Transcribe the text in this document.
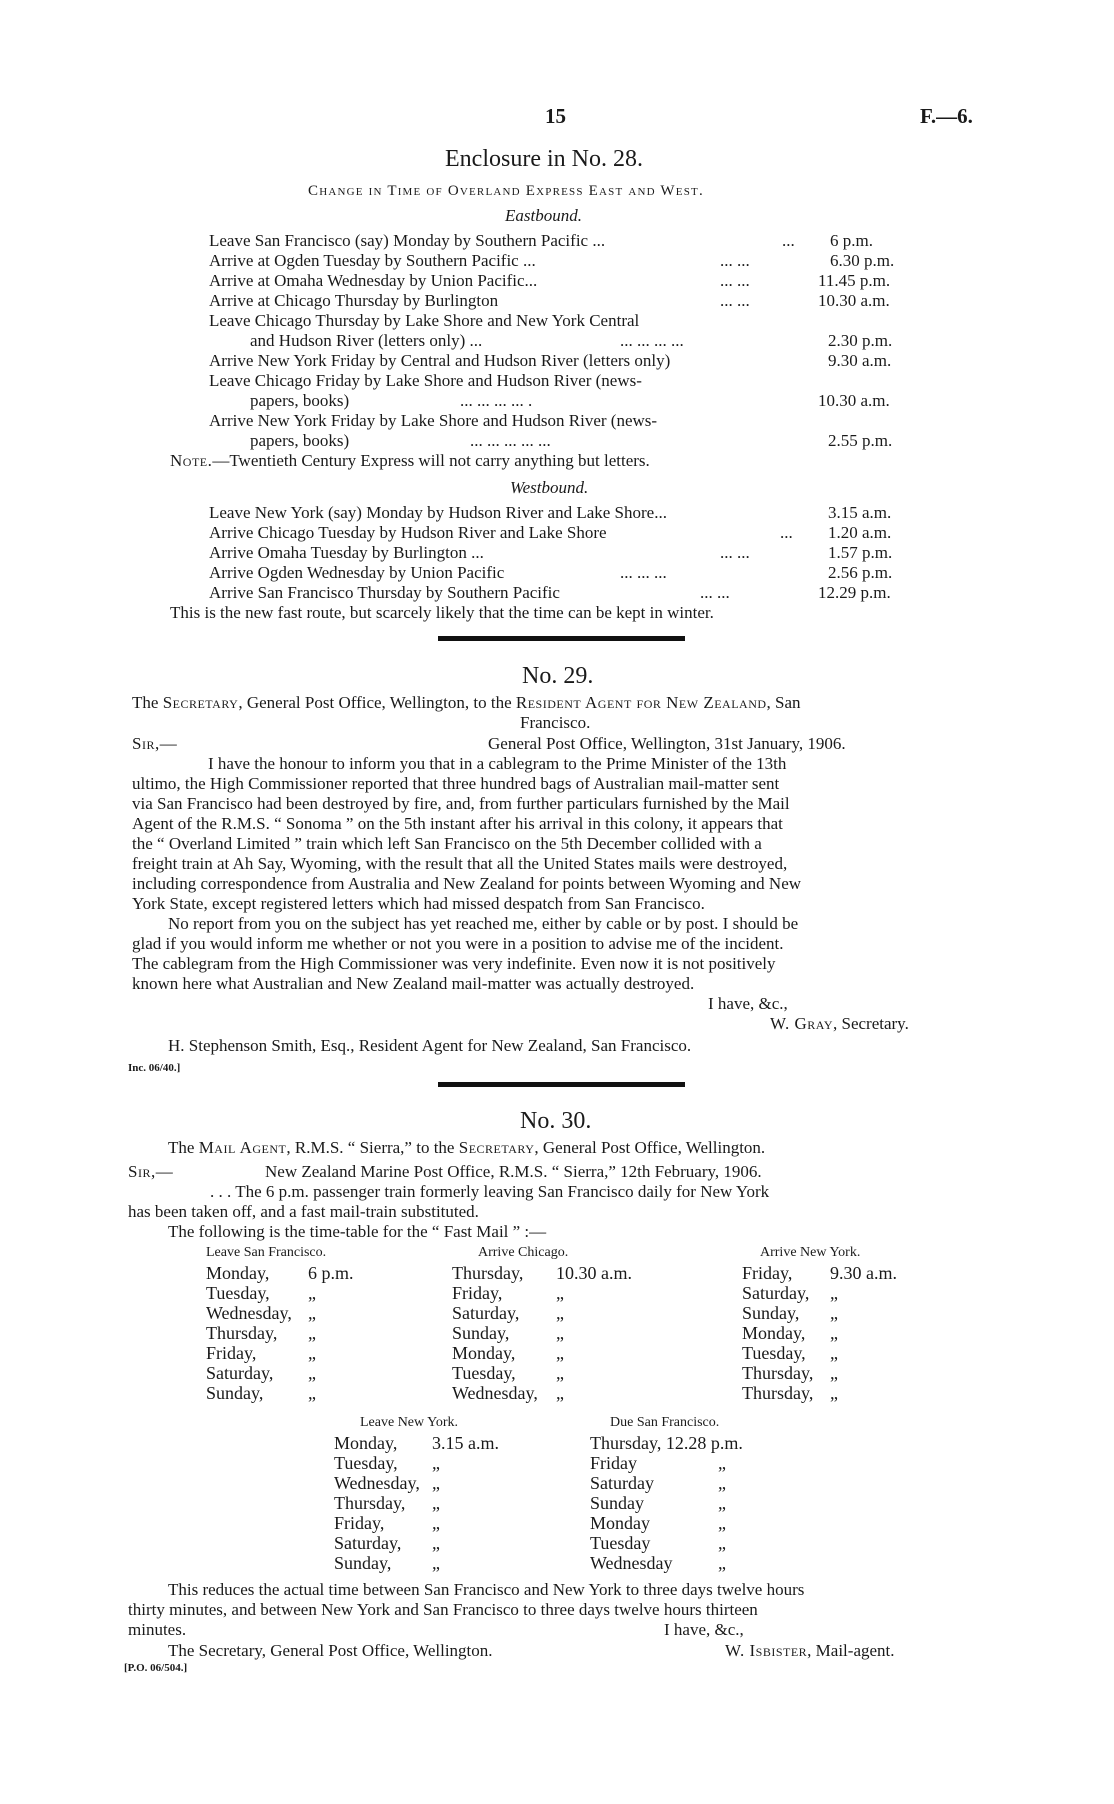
15	F.—6.
Enclosure in No. 28.
Change in Time of Overland Express East and West.
Eastbound.
Leave San Francisco (say) Monday by Southern Pacific ...	... 6 p.m.
Arrive at Ogden Tuesday by Southern Pacific ...	... ...	6.30 p.m.
Arrive at Omaha Wednesday by Union Pacific...	... ...	11.45 p.m.
Arrive at Chicago Thursday by Burlington	... ...	10.30 a.m.
Leave Chicago Thursday by Lake Shore and New York Central
and Hudson River (letters only) ...	... ... ... ...	2.30 p.m.
Arrive New York Friday by Central and Hudson River (letters only)	9.30 a.m.
Leave Chicago Friday by Lake Shore and Hudson River (news-
papers, books)	... ... ... ... .	10.30 a.m.
Arrive New York Friday by Lake Shore and Hudson River (news-
papers, books)	... ... ... ... ...	2.55 p.m.
Note.—Twentieth Century Express will not carry anything but letters.
Westbound.
Leave New York (say) Monday by Hudson River and Lake Shore...	3.15 a.m.
Arrive Chicago Tuesday by Hudson River and Lake Shore	... 1.20 a.m.
Arrive Omaha Tuesday by Burlington ...	... ...	1.57 p.m.
Arrive Ogden Wednesday by Union Pacific	... ... ...	2.56 p.m.
Arrive San Francisco Thursday by Southern Pacific	... ...	12.29 p.m.
This is the new fast route, but scarcely likely that the time can be kept in winter.
No. 29.
The Secretary, General Post Office, Wellington, to the Resident Agent for New Zealand, San
Francisco.
Sir,—	General Post Office, Wellington, 31st January, 1906.
I have the honour to inform you that in a cablegram to the Prime Minister of the 13th
ultimo, the High Commissioner reported that three hundred bags of Australian mail-matter sent
via San Francisco had been destroyed by fire, and, from further particulars furnished by the Mail
Agent of the R.M.S. “ Sonoma ” on the 5th instant after his arrival in this colony, it appears that
the “ Overland Limited ” train which left San Francisco on the 5th December collided with a
freight train at Ah Say, Wyoming, with the result that all the United States mails were destroyed,
including correspondence from Australia and New Zealand for points between Wyoming and New
York State, except registered letters which had missed despatch from San Francisco.
No report from you on the subject has yet reached me, either by cable or by post. I should be
glad if you would inform me whether or not you were in a position to advise me of the incident.
The cablegram from the High Commissioner was very indefinite. Even now it is not positively
known here what Australian and New Zealand mail-matter was actually destroyed.
I have, &c.,
W. Gray, Secretary.
H. Stephenson Smith, Esq., Resident Agent for New Zealand, San Francisco.
Inc. 06/40.]
No. 30.
The Mail Agent, R.M.S. “ Sierra,” to the Secretary, General Post Office, Wellington.
Sir,—	New Zealand Marine Post Office, R.M.S. “ Sierra,” 12th February, 1906.
. . . The 6 p.m. passenger train formerly leaving San Francisco daily for New York
has been taken off, and a fast mail-train substituted.
The following is the time-table for the “ Fast Mail ” :—
Leave San Francisco.	Arrive Chicago.	Arrive New York.
Monday, 6 p.m.	Thursday, 10.30 a.m.	Friday, 9.30 a.m.
Tuesday, „	Friday,	„	Saturday, „
Wednesday, „	Saturday, „	Sunday, „
Thursday, „	Sunday,	„	Monday, „
Friday,	„	Monday, „	Tuesday, „
Saturday, „	Tuesday, „	Thursday, „
Sunday, „	Wednesday, „	Thursday, „
Leave New York.	Due San Francisco.
Monday, 3.15 a.m.	Thursday, 12.28 p.m.
Tuesday, „	Friday	„
Wednesday, „	Saturday	„
Thursday, „	Sunday	„
Friday,	„	Monday	„
Saturday, „	Tuesday	„
Sunday, „	Wednesday	„
This reduces the actual time between San Francisco and New York to three days twelve hours
thirty minutes, and between New York and San Francisco to three days twelve hours thirteen
minutes.	I have, &c.,
The Secretary, General Post Office, Wellington.	W. Isbister, Mail-agent.
[P.O. 06/504.]
